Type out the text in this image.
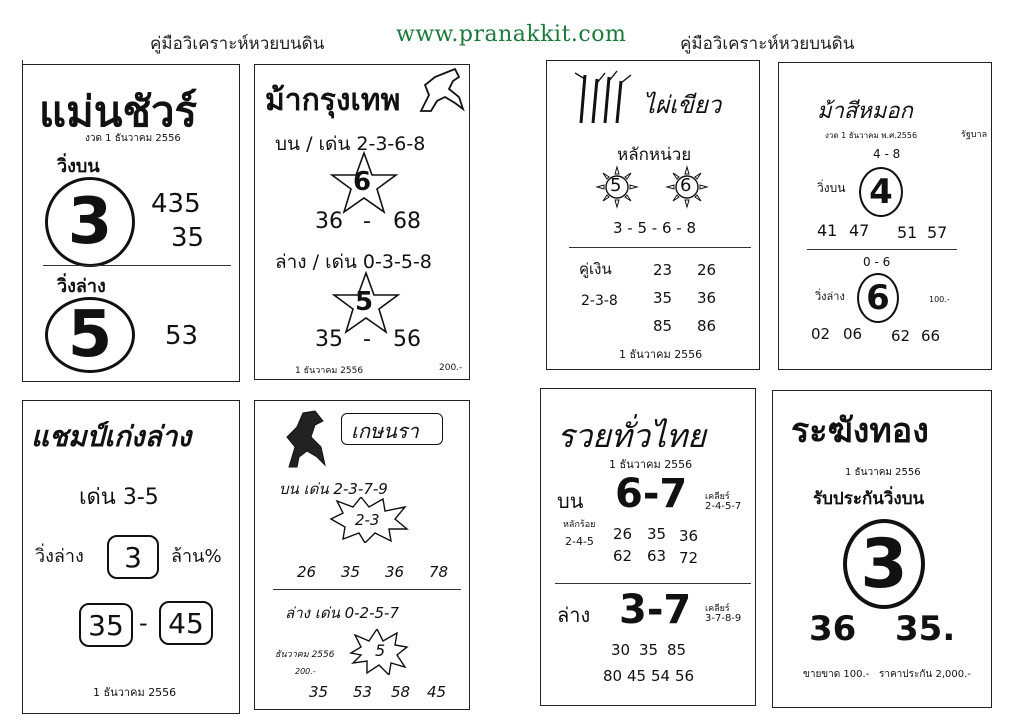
คู่มือวิเคราะห์หวยบนดิน	www.pranakkit.com	คู่มือวิเคราะห์หวยบนดิน
แม่นชัวร์
งวด 1 ธันวาคม 2556
วิ่งบน
3	435
35
วิ่งล่าง
5	53
ม้ากรุงเทพ
บน / เด่น 2-3-6-8
6
36 - 68
ล่าง / เด่น 0-3-5-8
5
35 - 56
1 ธันวาคม 2556	200.-
ไผ่เขียว
หลักหน่วย
5	6
3 - 5 - 6 - 8
คู่เงิน
2-3-8
23 26
35 36
85 86
1 ธันวาคม 2556
ม้าสีหมอก
งวด 1 ธันวาคม พ.ศ.2556	รัฐบาล
4 - 8
วิ่งบน 4
41 47 51 57
0 - 6
วิ่งล่าง 6	100.-
02 06 62 66
แชมป์เก่งล่าง
เด่น 3-5
วิ่งล่าง	3	ล้าน%
35 - 45
1 ธันวาคม 2556
เกษนรา
บน เด่น 2-3-7-9
2-3
26 35 36 78
ล่าง เด่น 0-2-5-7
ธันวาคม 2556
200.-
5
35 53 58 45
รวยทั่วไทย
1 ธันวาคม 2556
บน 6-7 เคลียร์
2-4-5-7
หลักร้อย
2-4-5 26 35 36
62 63 72
ล่าง 3-7 เคลียร์
3-7-8-9
30 35 85
80 45 54 56
ระฆังทอง
1 ธันวาคม 2556
รับประกันวิ่งบน
3
36 35.
ขายขาด 100.- ราคาประกัน 2,000.-
